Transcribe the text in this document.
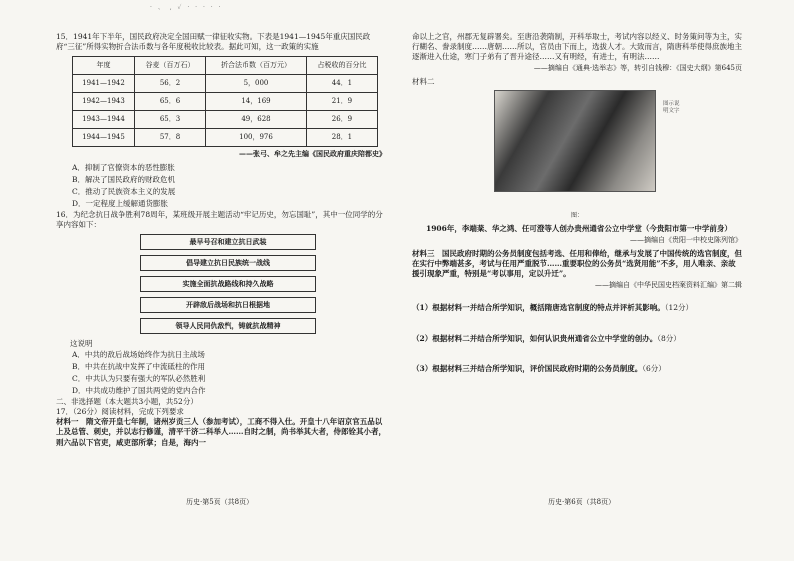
· 、 , ✓ · · · · ·

15．1941年下半年，国民政府决定全国田赋一律征收实物。下表是1941—1945年重庆国民政府“三征”所得实物折合法币数与各年度税收比较表。据此可知，这一政策的实施

年度	谷麦（百万石）	折合法币数（百万元）	占税收的百分比
1941—1942	56．2	5，000	44．1
1942—1943	65．6	14，169	21．9
1943—1944	65．3	49，628	26．9
1944—1945	57．8	100，976	28．1

——张弓、牟之先主编《国民政府重庆陪都史》

A．抑制了官僚资本的恶性膨胀

B．解决了国民政府的财政危机

C．推动了民族资本主义的发展

D．一定程度上缓解通货膨胀

16．为纪念抗日战争胜利78周年，某班级开展主题活动“牢记历史，勿忘国耻”，其中一位同学的分享内容如下：

最早号召和建立抗日武装
倡导建立抗日民族统一战线
实施全面抗战路线和持久战略
开辟敌后战场和抗日根据地
领导人民同仇敌忾，铸就抗战精神

这说明

A．中共的敌后战场始终作为抗日主战场

B．中共在抗战中发挥了中流砥柱的作用

C．中共认为只要有强大的军队必然胜利

D．中共成功维护了国共两党的党内合作

二、非选择题（本大题共3小题，共52分）

17．（26分）阅读材料，完成下列要求

材料一　隋文帝开皇七年制，诸州岁贡三人（参加考试），工商不得入仕。开皇十八年诏京官五品以上及总管、刺史，并以志行修谨，清平干济二科举人……自时之制，尚书举其大者，侍郎铨其小者，则六品以下官吏，咸吏部所掌；自是，海内一

命以上之官，州郡无复辟署矣。至唐沿袭隋制，开科举取士，考试内容以经义、时务策问等为主，实行糊名、誊录制度……唐朝……所以，官员由下而上，选拔人才。大致而言，隋唐科举使得庶族地主逐渐进入仕途，寒门子弟有了晋升途径……又有明经，有进士，有明法……

——摘编自《通典·选举志》等，转引自钱穆：《国史大纲》第645页

材料二

图示说明文字

图：

1906年，李端棻、华之鸿、任可澄等人创办贵州通省公立中学堂（今贵阳市第一中学前身）

——摘编自《贵阳一中校史陈列馆》

材料三　国民政府时期的公务员制度包括考选、任用和俸给，继承与发展了中国传统的选官制度，但在实行中弊端甚多，考试与任用严重脱节……重要职位的公务员“选贤用能”不多，用人唯亲、亲故援引现象严重，特别是“考以事用，定以升迁”。

——摘编自《中华民国史档案资料汇编》第二辑

（1）根据材料一并结合所学知识，概括隋唐选官制度的特点并评析其影响。（12分）

（2）根据材料二并结合所学知识，如何认识贵州通省公立中学堂的创办。（8分）

（3）根据材料三并结合所学知识，评价国民政府时期的公务员制度。（6分）

历史·第5页（共8页）	历史·第6页（共8页）
